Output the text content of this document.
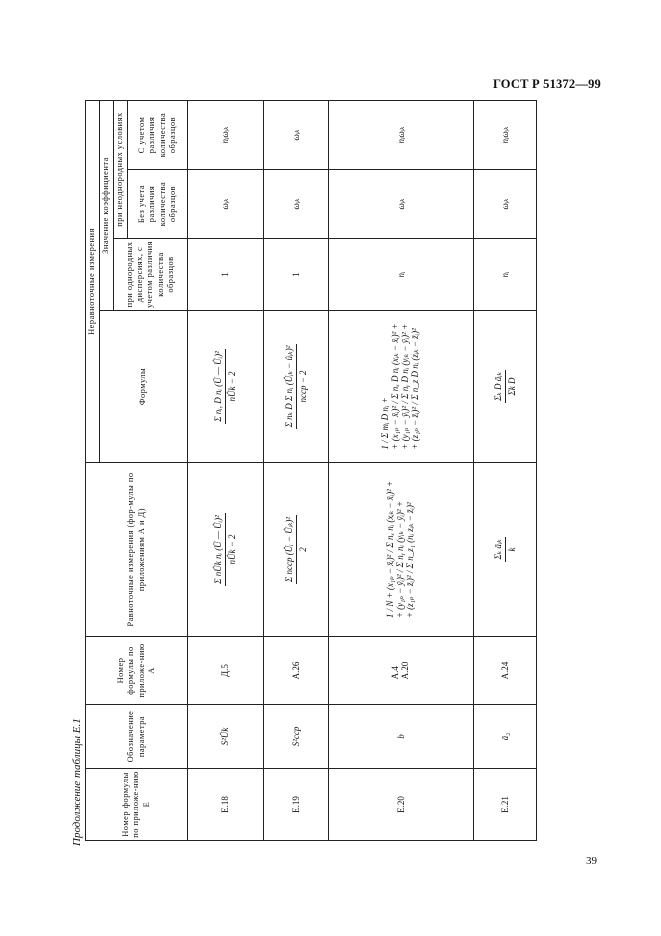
ГОСТ Р 51372—99
Продолжение таблицы Е.1
39
Номер формулы по приложе-нию Е	Обозначение параметра	Номер формулы по приложе-нию А	Равноточные измерения (фор-мулы по приложениям А и Д)	Неравноточные измерения			
				Формулы	Значение коэффициента		
					при однородных дисперсиях, с учетом различия количества образцов	при неоднородных условиях	
						Без учета различия количества образцов	С учетом различия количества образцов
Е.18	S²Ûk	Д.5	Σ nÛk nᵢ (Ū — Ûᵢ)² nÛk − 2	Σ nᵢ, D nᵢ (Ū — Ûᵢ)² nÛk − 2	1	ωᵢₖ	nᵢωᵢₖ
Е.19	S²сср	А.26	Σ nсср (Ûᵢ − Ûᵢₖ)² 2	Σ nₖ D Σ nᵢ (Ûᵢₖ − ûᵢₖ)² nсср − 2	1	ωᵢₖ	ωᵢₖ
Е.20	b	А.4 А.20	1 / N + (x₁ₚ − x̄ᵢ)² / Σ nₓ nᵢ (xᵢₖ − x̄ᵢ)² + + (y₁ₚ − ȳᵢ)² / Σ nᵧ nᵢ (yᵢₖ − ȳᵢ)² + + (z₁ₚ − z̄ᵢ)² / Σ n_z₁ (nᵢ zᵢₖ − z̄ᵢ)²	1 / Σ mᵢ D nᵢ + + (x₁ₚ − x̄ᵢ)² / Σ nₓ D nᵢ (xᵢₖ − x̄ᵢ)² + + (y₁ₚ − ȳᵢ)² / Σ nᵧ D nᵢ (yᵢₖ − ȳᵢ)² + + (z₁ₚ − z̄ᵢ)² / Σ n_z D nᵢ (zᵢₖ − z̄ᵢ)²	nᵢ	ωᵢₖ	nᵢωᵢₖ
Е.21	ā₂	А.24	Σₖ āᵢₖ k	Σₖ D āᵢₖ Σk D	nᵢ	ωᵢₖ	nᵢωᵢₖ
